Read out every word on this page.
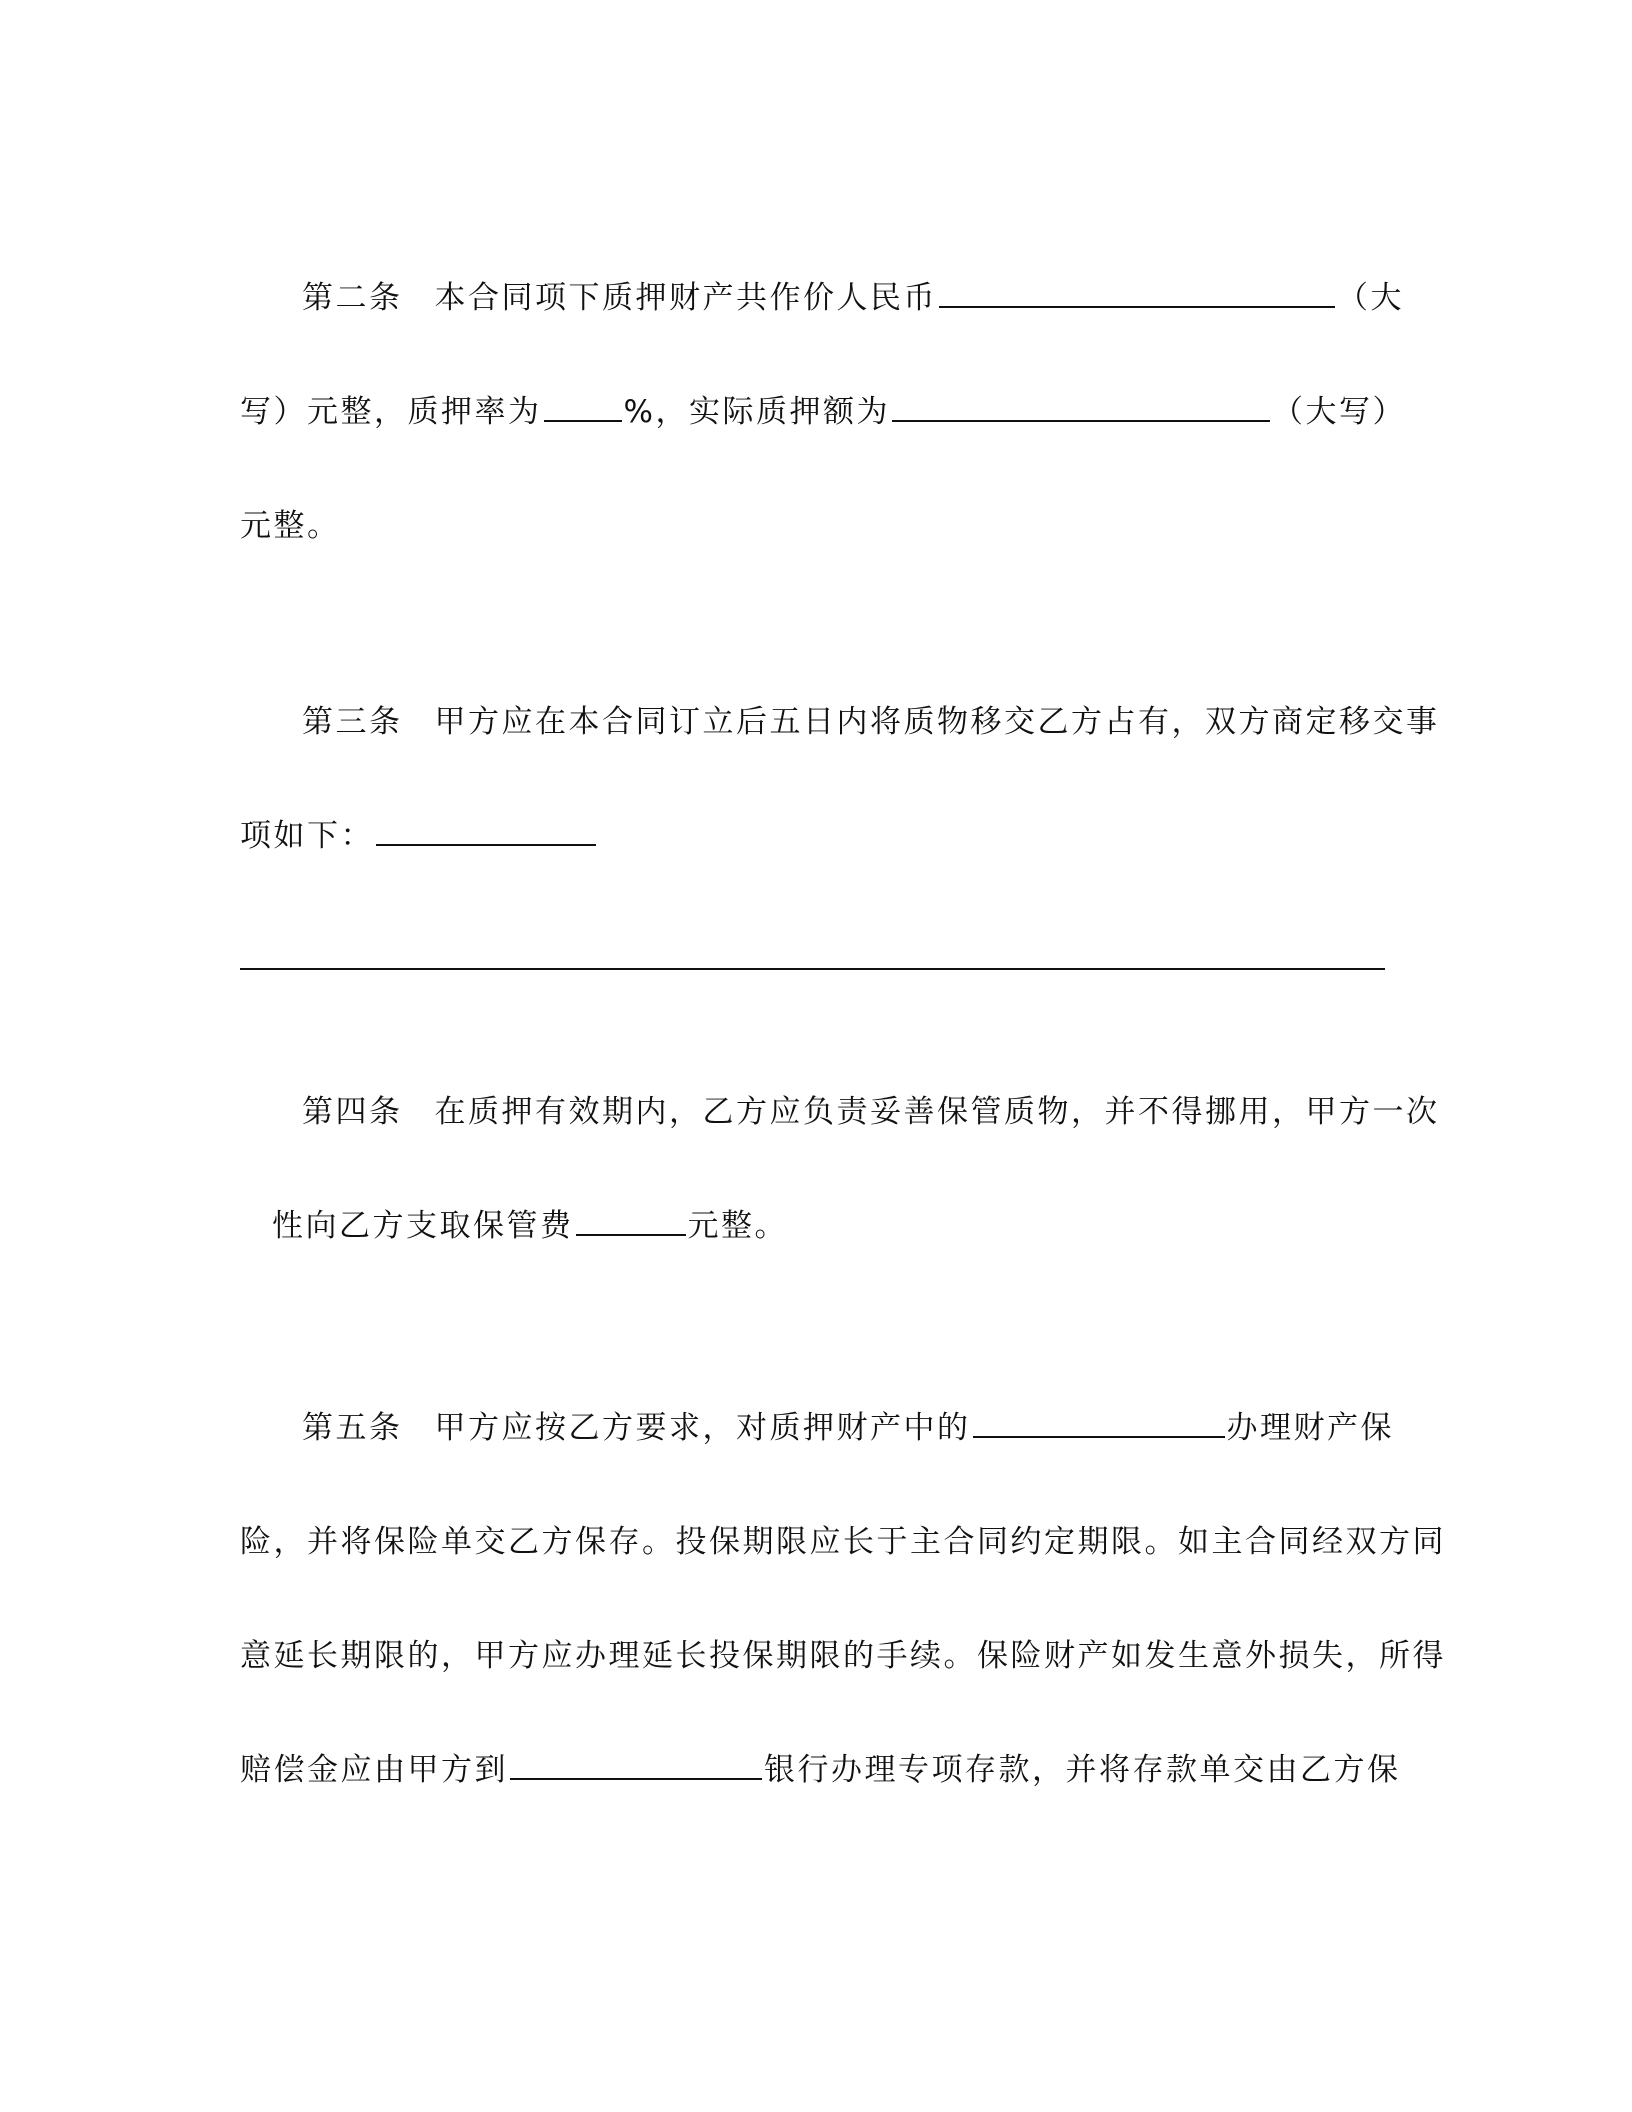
第二条 本合同项下质押财产共作价人民币	（大
写）元整，质押率为	%，实际质押额为	（大写）
元整。
第三条 甲方应在本合同订立后五日内将质物移交乙方占有，双方商定移交事
项如下：
第四条 在质押有效期内，乙方应负责妥善保管质物，并不得挪用，甲方一次
性向乙方支取保管费	元整。
第五条 甲方应按乙方要求，对质押财产中的	办理财产保
险，并将保险单交乙方保存。投保期限应长于主合同约定期限。如主合同经双方同
意延长期限的，甲方应办理延长投保期限的手续。保险财产如发生意外损失，所得
赔偿金应由甲方到	银行办理专项存款，并将存款单交由乙方保
